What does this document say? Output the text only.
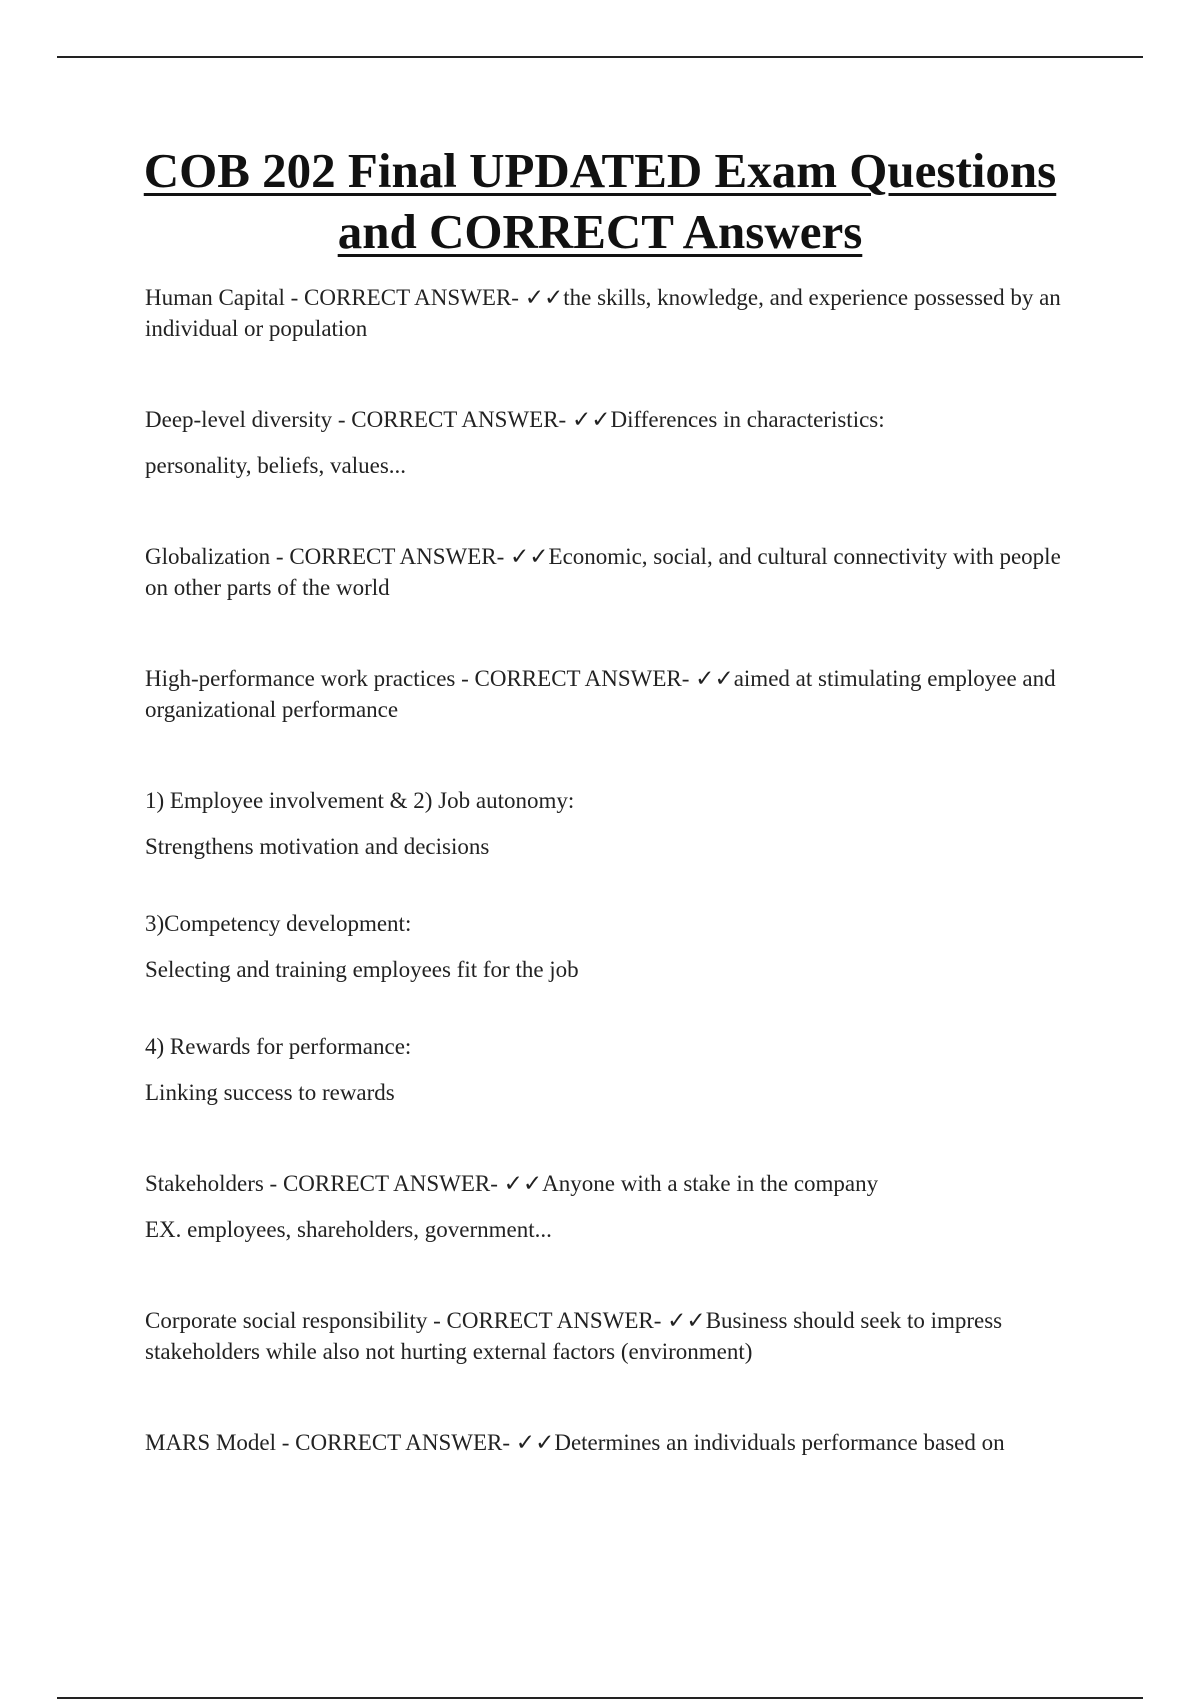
COB 202 Final UPDATED Exam Questions
and CORRECT Answers

Human Capital - CORRECT ANSWER- ✓✓the skills, knowledge, and experience possessed by an individual or population

Deep-level diversity - CORRECT ANSWER- ✓✓Differences in characteristics:

personality, beliefs, values...

Globalization - CORRECT ANSWER- ✓✓Economic, social, and cultural connectivity with people on other parts of the world

High-performance work practices - CORRECT ANSWER- ✓✓aimed at stimulating employee and organizational performance

1) Employee involvement & 2) Job autonomy:

Strengthens motivation and decisions

3)Competency development:

Selecting and training employees fit for the job

4) Rewards for performance:

Linking success to rewards

Stakeholders - CORRECT ANSWER- ✓✓Anyone with a stake in the company

EX. employees, shareholders, government...

Corporate social responsibility - CORRECT ANSWER- ✓✓Business should seek to impress stakeholders while also not hurting external factors (environment)

MARS Model - CORRECT ANSWER- ✓✓Determines an individuals performance based on
